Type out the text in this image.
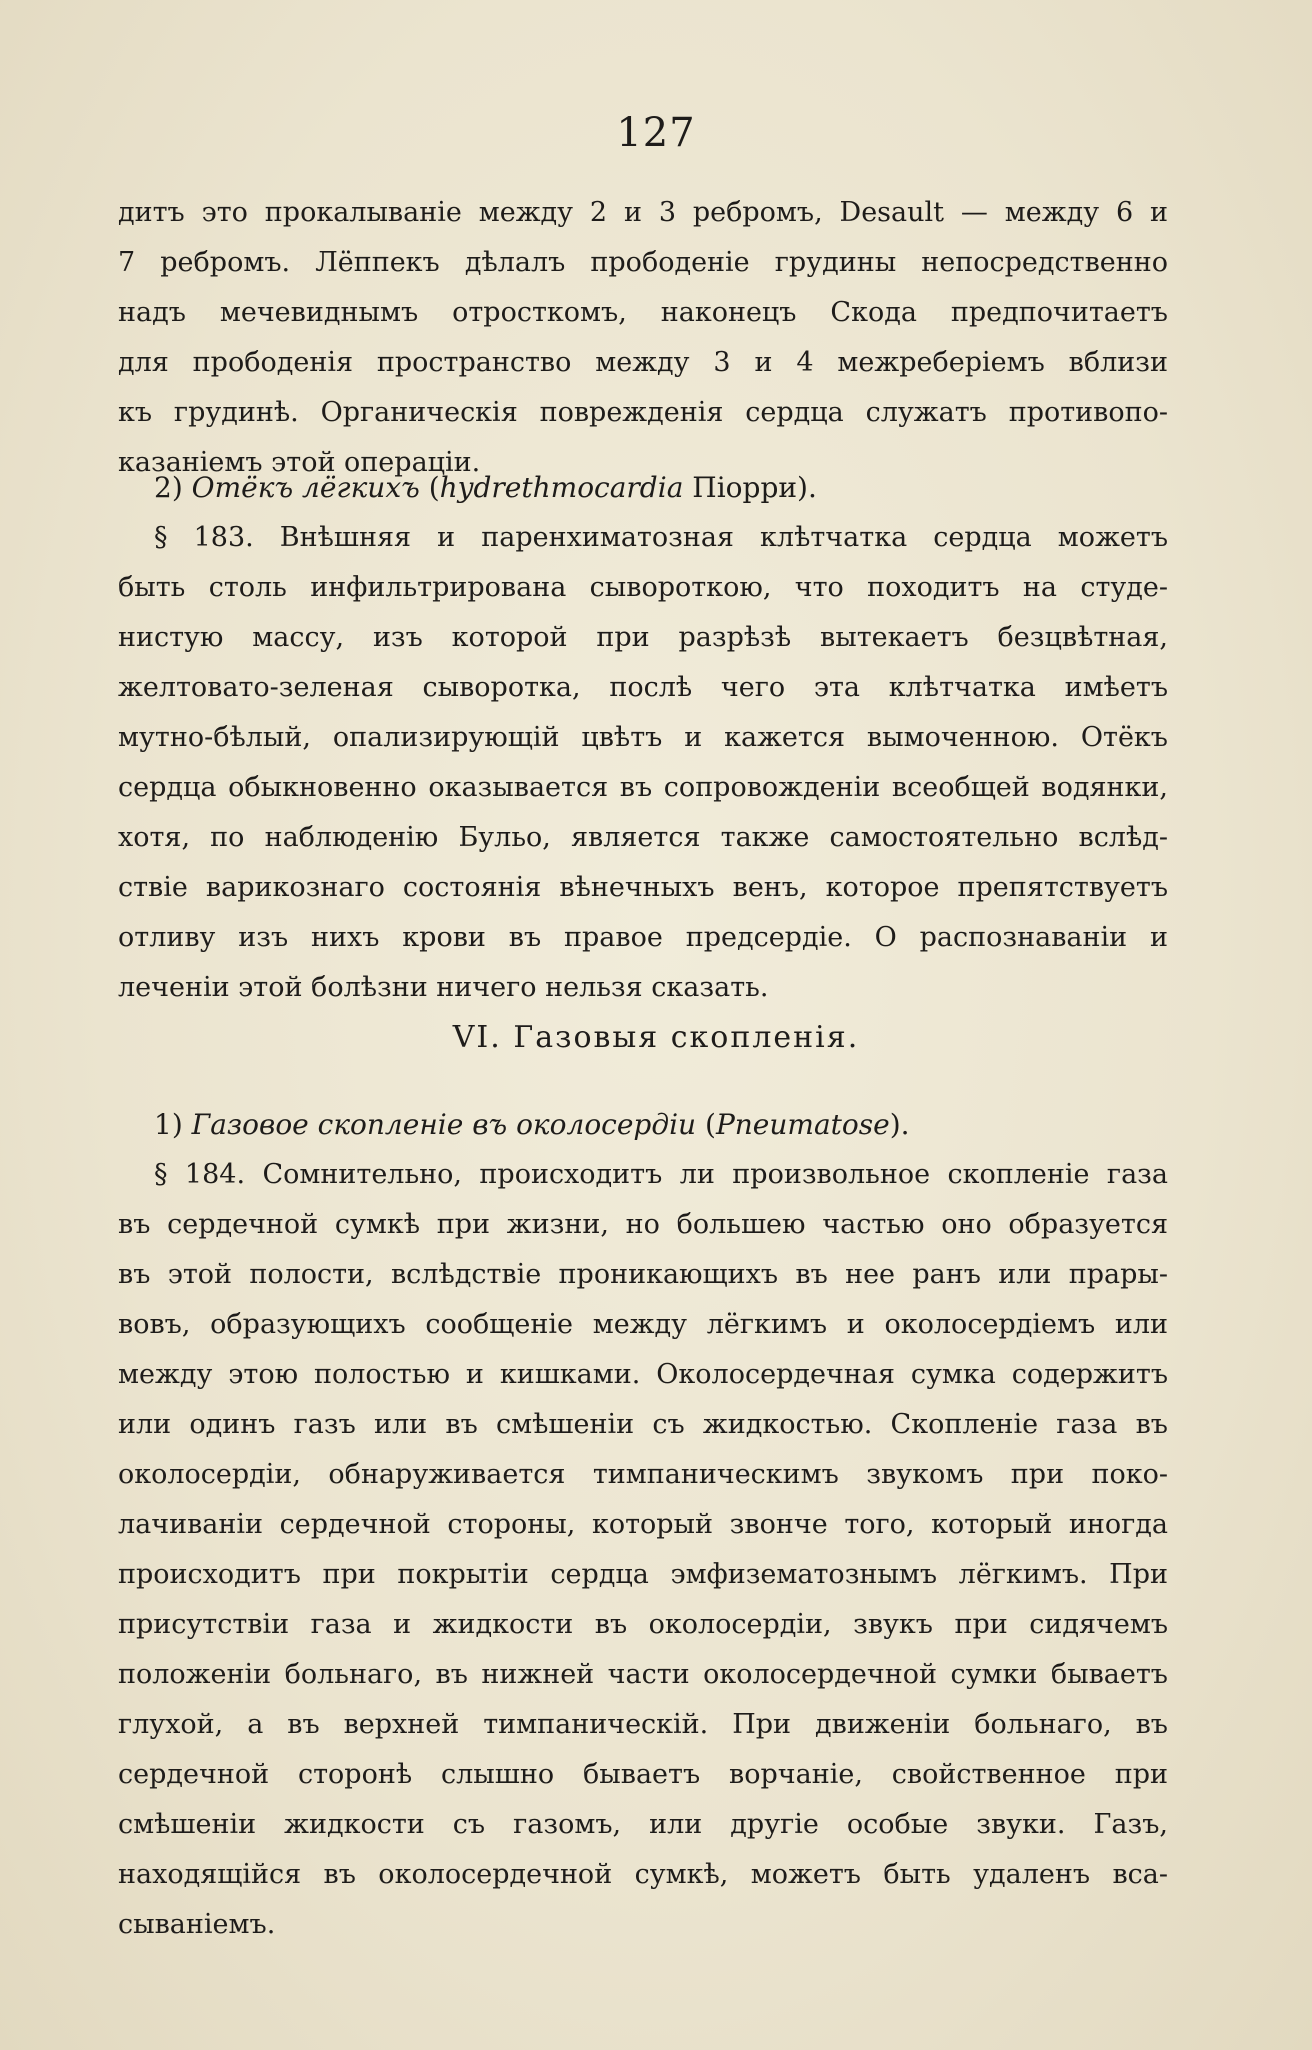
127
дитъ это прокалываніе между 2 и 3 ребромъ, Desault — между 6 и
7 ребромъ. Лёппекъ дѣлалъ прободеніе грудины непосредственно
надъ мечевиднымъ отросткомъ, наконецъ Скода предпочитаетъ
для прободенія пространство между 3 и 4 межреберіемъ вблизи
къ грудинѣ. Органическія поврежденія сердца служатъ противопо-
казаніемъ этой операціи.
2) Отёкъ лёгкихъ (hydrethmocardia Піорри).
§ 183. Внѣшняя и паренхиматозная клѣтчатка сердца можетъ
быть столь инфильтрирована сывороткою, что походитъ на студе-
нистую массу, изъ которой при разрѣзѣ вытекаетъ безцвѣтная,
желтовато-зеленая сыворотка, послѣ чего эта клѣтчатка имѣетъ
мутно-бѣлый, опализирующій цвѣтъ и кажется вымоченною. Отёкъ
сердца обыкновенно оказывается въ сопровожденіи всеобщей водянки,
хотя, по наблюденію Бульо, является также самостоятельно вслѣд-
ствіе варикознаго состоянія вѣнечныхъ венъ, которое препятствуетъ
отливу изъ нихъ крови въ правое предсердіе. О распознаваніи и
леченіи этой болѣзни ничего нельзя сказать.
VI. Газовыя скопленія.
1) Газовое скопленіе въ околосердіи (Pneumatose).
§ 184. Сомнительно, происходитъ ли произвольное скопленіе газа
въ сердечной сумкѣ при жизни, но большею частью оно образуется
въ этой полости, вслѣдствіе проникающихъ въ нее ранъ или прары-
вовъ, образующихъ сообщеніе между лёгкимъ и околосердіемъ или
между этою полостью и кишками. Околосердечная сумка содержитъ
или одинъ газъ или въ смѣшеніи съ жидкостью. Скопленіе газа въ
околосердіи, обнаруживается тимпаническимъ звукомъ при поко-
лачиваніи сердечной стороны, который звонче того, который иногда
происходитъ при покрытіи сердца эмфизематознымъ лёгкимъ. При
присутствіи газа и жидкости въ околосердіи, звукъ при сидячемъ
положеніи больнаго, въ нижней части околосердечной сумки бываетъ
глухой, а въ верхней тимпаническій. При движеніи больнаго, въ
сердечной сторонѣ слышно бываетъ ворчаніе, свойственное при
смѣшеніи жидкости съ газомъ, или другіе особые звуки. Газъ,
находящійся въ околосердечной сумкѣ, можетъ быть удаленъ вса-
сываніемъ.
